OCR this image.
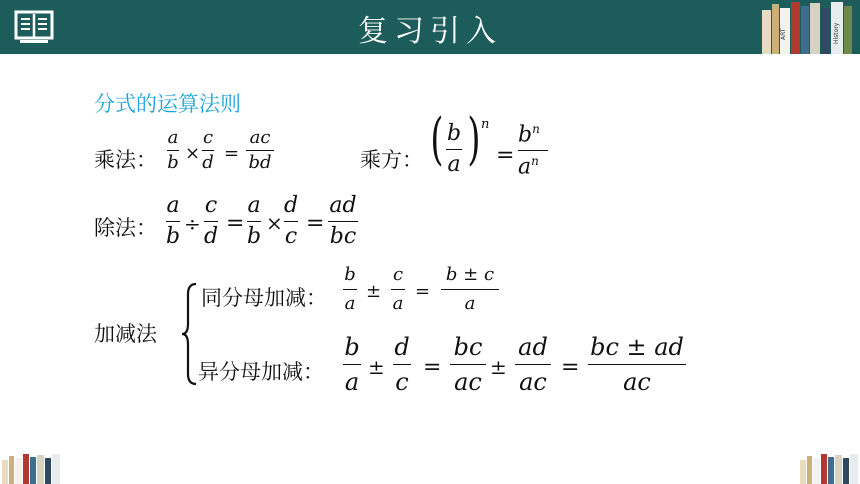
复习引入	ART	History
分式的运算法则
乘法：
a
b ×
c
d =
ac
bd	乘方： ( b
a ) n
=
$b^n$
$a^n$
除法：
a
b ÷
c
d
=
a
b
×
d
c
=
ad
bc
加减法
同分母加减：
b
a
±
c
a
=
b ± c
a
异分母加减：
b
a
±
d
c
=
bc
ac
±
ad
ac
=
bc ± ad
ac
